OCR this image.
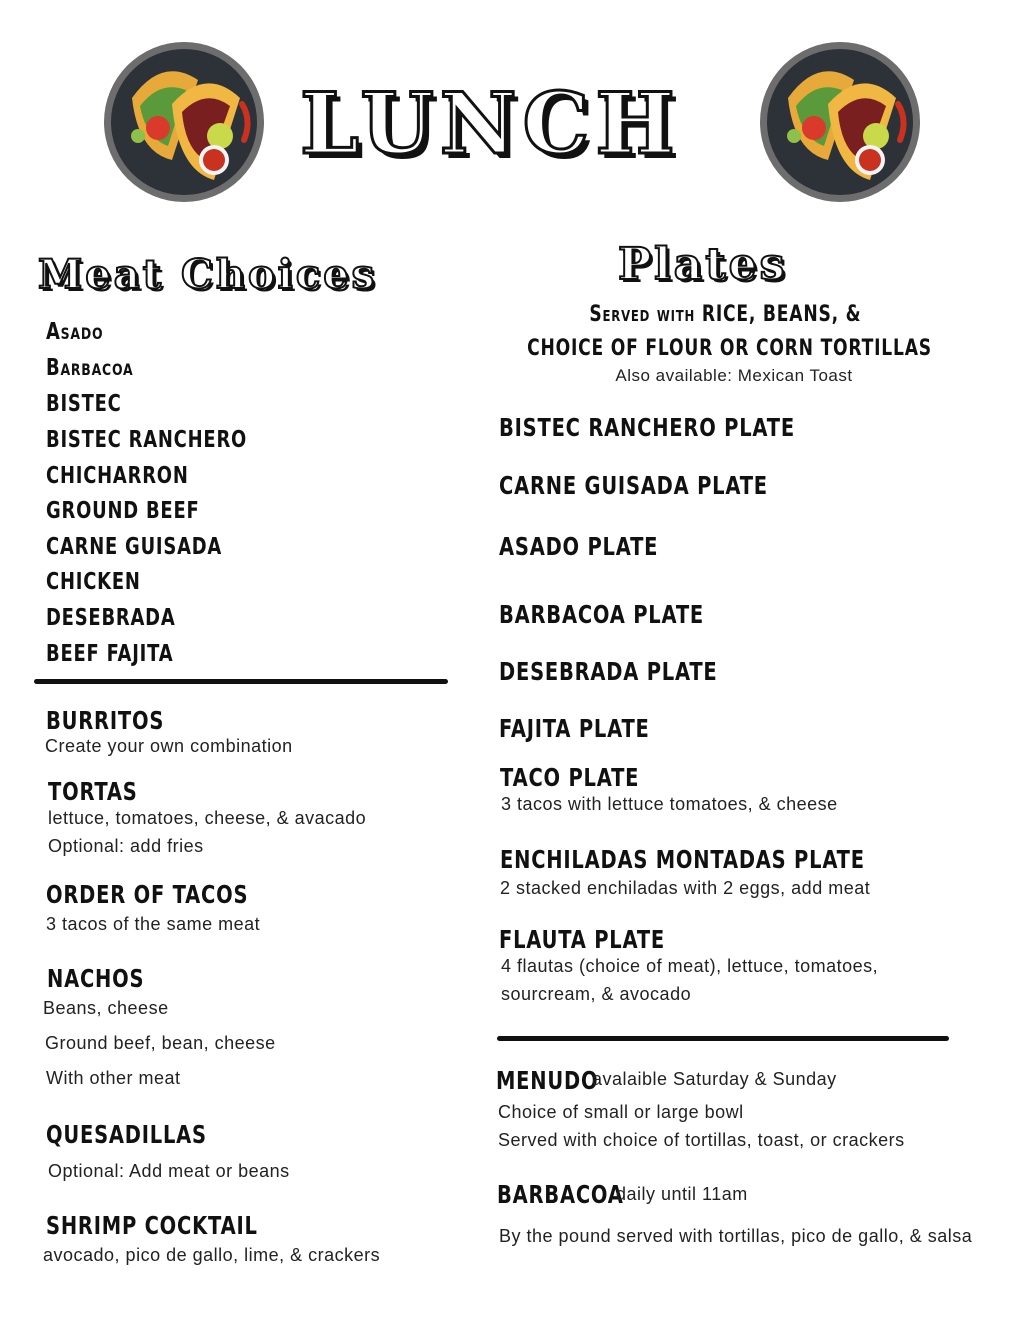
LUNCH
Meat Choices
Asado
Barbacoa
BISTEC
BISTEC RANCHERO
CHICHARRON
GROUND BEEF
CARNE GUISADA
CHICKEN
DESEBRADA
BEEF FAJITA
BURRITOS
Create your own combination
TORTAS
lettuce, tomatoes, cheese, & avacado
Optional: add fries
ORDER OF TACOS
3 tacos of the same meat
NACHOS
Beans, cheese
Ground beef, bean, cheese
With other meat
QUESADILLAS
Optional: Add meat or beans
SHRIMP COCKTAIL
avocado, pico de gallo, lime, & crackers
Plates
Served with RICE, BEANS, &
CHOICE OF FLOUR OR CORN TORTILLAS
Also available: Mexican Toast
BISTEC RANCHERO PLATE
CARNE GUISADA PLATE
ASADO PLATE
BARBACOA PLATE
DESEBRADA PLATE
FAJITA PLATE
TACO PLATE
3 tacos with lettuce tomatoes, & cheese
ENCHILADAS MONTADAS PLATE
2 stacked enchiladas with 2 eggs, add meat
FLAUTA PLATE
4 flautas (choice of meat), lettuce, tomatoes,
sourcream, & avocado
MENUDO
avalaible Saturday & Sunday
Choice of small or large bowl
Served with choice of tortillas, toast, or crackers
BARBACOA
daily until 11am
By the pound served with tortillas, pico de gallo, & salsa
